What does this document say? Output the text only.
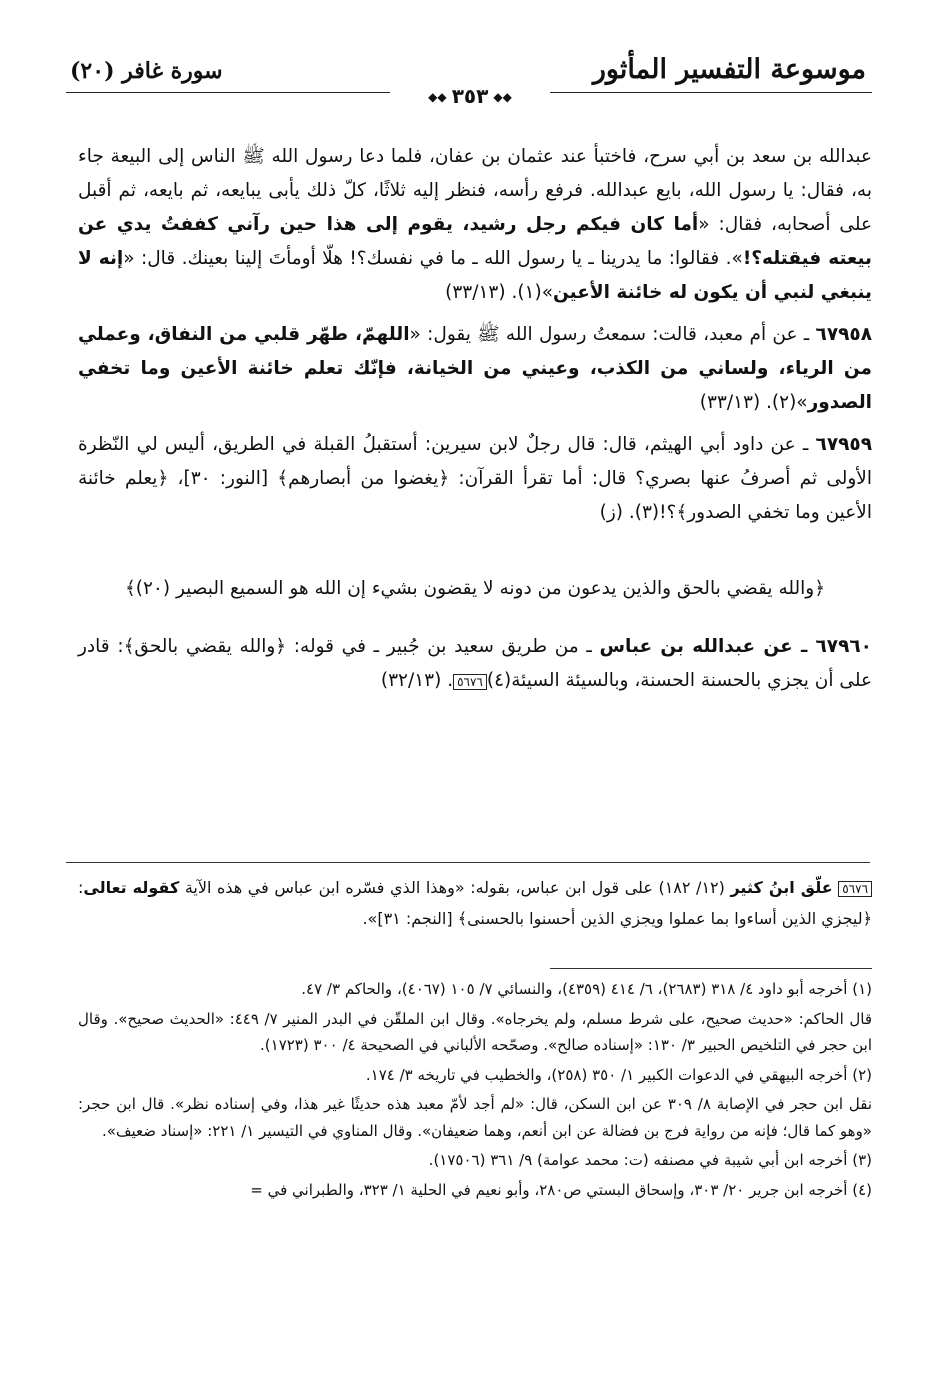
موسوعة التفسير المأثور
سورة غافر (٢٠)
◆◆ ٣٥٣ ◆◆

عبدالله بن سعد بن أبي سرح، فاختبأ عند عثمان بن عفان، فلما دعا رسول الله ﷺ الناس إلى البيعة جاء به، فقال: يا رسول الله، بايع عبدالله. فرفع رأسه، فنظر إليه ثلاثًا، كلّ ذلك يأبى يبايعه، ثم بايعه، ثم أقبل على أصحابه، فقال: «أما كان فيكم رجل رشيد، يقوم إلى هذا حين رآني كففتُ يدي عن بيعته فيقتله؟!». فقالوا: ما يدرينا ـ يا رسول الله ـ ما في نفسك؟! هلّا أومأتَ إلينا بعينك. قال: «إنه لا ينبغي لنبي أن يكون له خائنة الأعين»(١). (٣٣/١٣)

٦٧٩٥٨ ـ عن أم معبد، قالت: سمعتُ رسول الله ﷺ يقول: «اللهمّ، طهّر قلبي من النفاق، وعملي من الرياء، ولساني من الكذب، وعيني من الخيانة، فإنّك تعلم خائنة الأعين وما تخفي الصدور»(٢). (٣٣/١٣)

٦٧٩٥٩ ـ عن داود أبي الهيثم، قال: قال رجلٌ لابن سيرين: أستقبلُ القبلة في الطريق، أليس لي النّظرة الأولى ثم أصرفُ عنها بصري؟ قال: أما تقرأ القرآن: ﴿يغضوا من أبصارهم﴾ [النور: ٣٠]، ﴿يعلم خائنة الأعين وما تخفي الصدور﴾؟!(٣). (ز)

﴿والله يقضي بالحق والذين يدعون من دونه لا يقضون بشيء إن الله هو السميع البصير (٢٠)﴾

٦٧٩٦٠ ـ عن عبدالله بن عباس ـ من طريق سعيد بن جُبير ـ في قوله: ﴿والله يقضي بالحق﴾: قادر على أن يجزي بالحسنة الحسنة، وبالسيئة السيئة(٤)٥٦٧٦. (٣٢/١٣)

٥٦٧٦ علّق ابنُ كثير (١٢/ ١٨٢) على قول ابن عباس، بقوله: «وهذا الذي فسّره ابن عباس في هذه الآية كقوله تعالى: ﴿ليجزي الذين أساءوا بما عملوا ويجزي الذين أحسنوا بالحسنى﴾ [النجم: ٣١]».

(١) أخرجه أبو داود ٤/ ٣١٨ (٢٦٨٣)، ٦/ ٤١٤ (٤٣٥٩)، والنسائي ٧/ ١٠٥ (٤٠٦٧)، والحاكم ٣/ ٤٧.

قال الحاكم: «حديث صحيح، على شرط مسلم، ولم يخرجاه». وقال ابن الملقّن في البدر المنير ٧/ ٤٤٩: «الحديث صحيح». وقال ابن حجر في التلخيص الحبير ٣/ ١٣٠: «إسناده صالح». وصحّحه الألباني في الصحيحة ٤/ ٣٠٠ (١٧٢٣).

(٢) أخرجه البيهقي في الدعوات الكبير ١/ ٣٥٠ (٢٥٨)، والخطيب في تاريخه ٣/ ١٧٤.

نقل ابن حجر في الإصابة ٨/ ٣٠٩ عن ابن السكن، قال: «لم أجد لأمّ معبد هذه حديثًا غير هذا، وفي إسناده نظر». قال ابن حجر: «وهو كما قال؛ فإنه من رواية فرج بن فضالة عن ابن أنعم، وهما ضعيفان». وقال المناوي في التيسير ١/ ٢٢١: «إسناد ضعيف».

(٣) أخرجه ابن أبي شيبة في مصنفه (ت: محمد عوامة) ٩/ ٣٦١ (١٧٥٠٦).

(٤) أخرجه ابن جرير ٢٠/ ٣٠٣، وإسحاق البستي ص٢٨٠، وأبو نعيم في الحلية ١/ ٣٢٣، والطبراني في =
